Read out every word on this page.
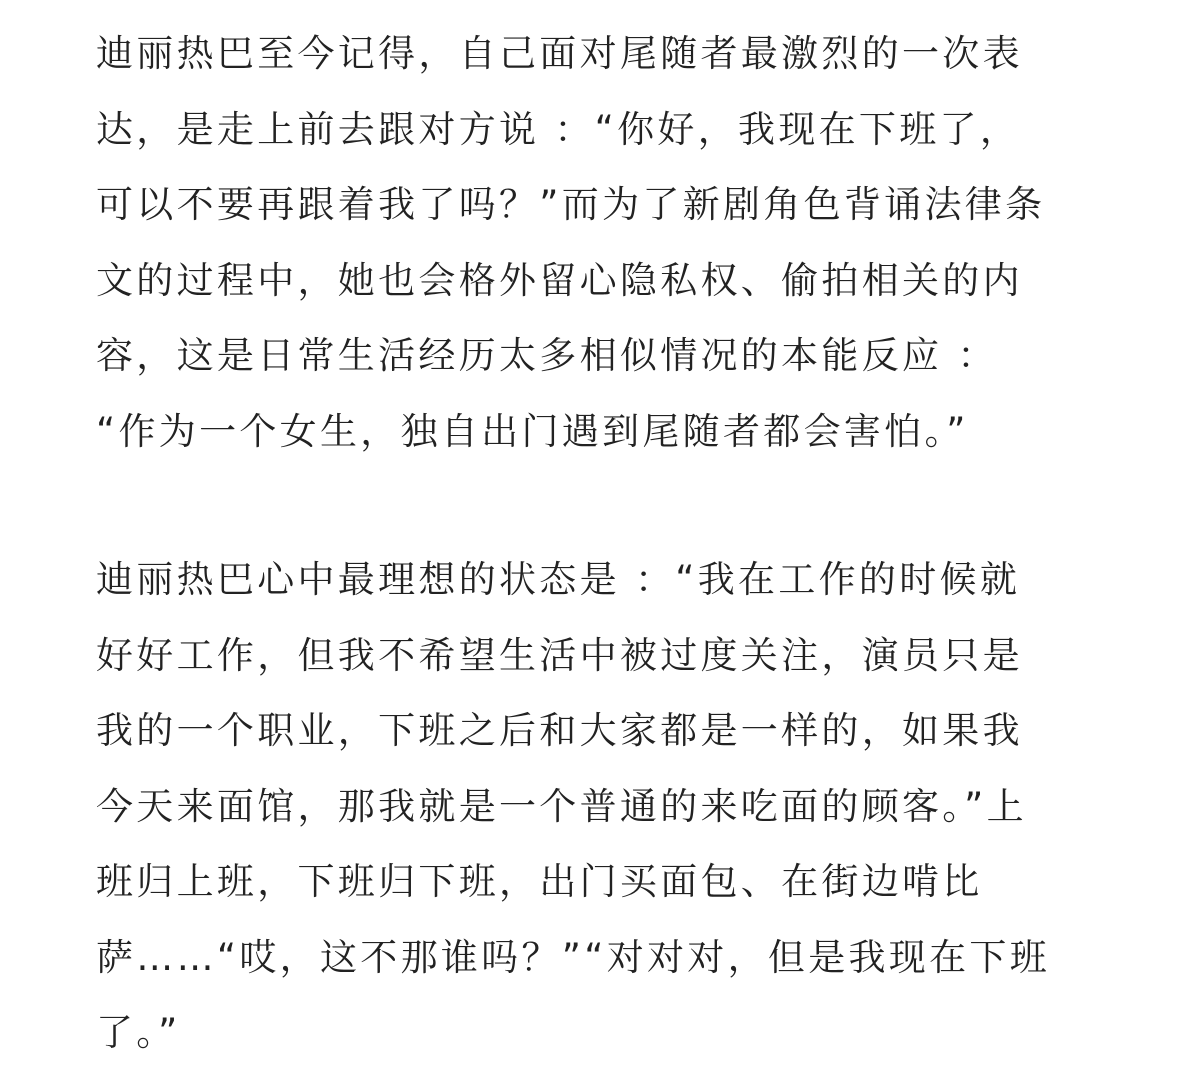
迪丽热巴至今记得，自己面对尾随者最激烈的一次表
达，是走上前去跟对方说 ：“你好，我现在下班了，
可以不要再跟着我了吗？”而为了新剧角色背诵法律条
文的过程中，她也会格外留心隐私权、偷拍相关的内
容，这是日常生活经历太多相似情况的本能反应 ：
“作为一个女生，独自出门遇到尾随者都会害怕。”
迪丽热巴心中最理想的状态是 ：“我在工作的时候就
好好工作，但我不希望生活中被过度关注，演员只是
我的一个职业，下班之后和大家都是一样的，如果我
今天来面馆，那我就是一个普通的来吃面的顾客。”上
班归上班，下班归下班，出门买面包、在街边啃比
萨……“哎，这不那谁吗？”“对对对，但是我现在下班
了。”
